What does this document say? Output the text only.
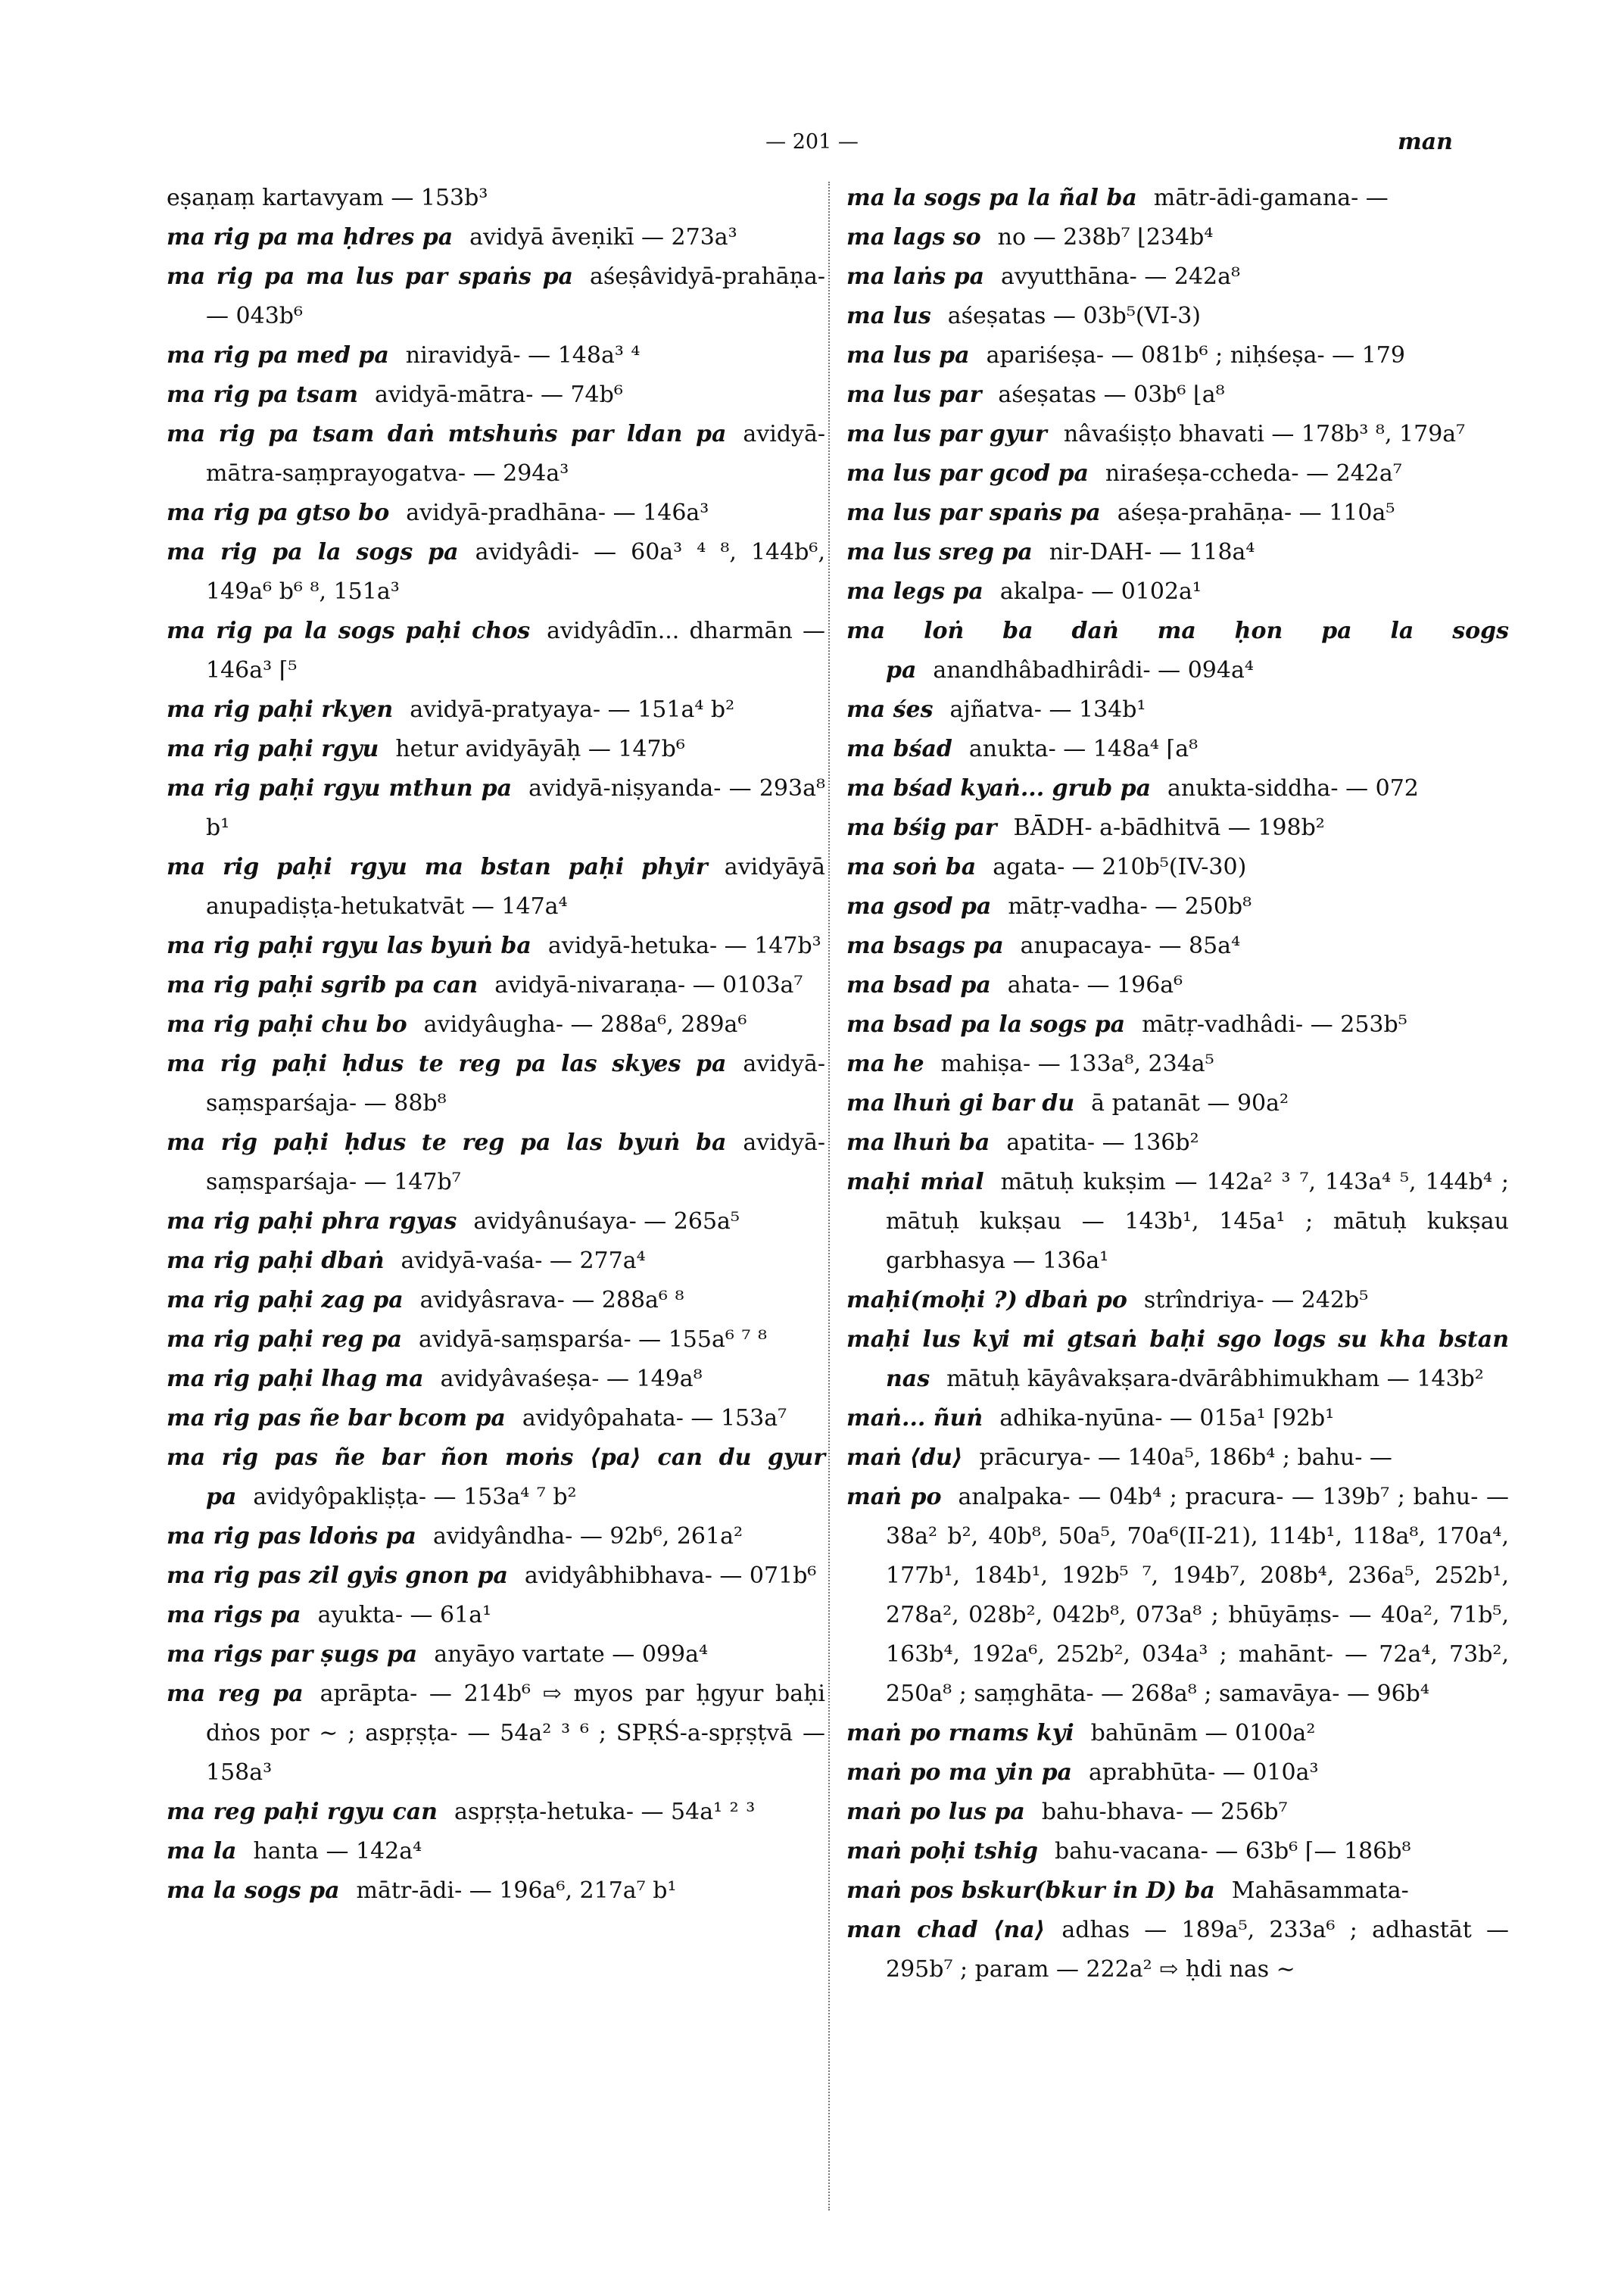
— 201 —	man
eṣaṇaṃ kartavyam — 153b³
ma rig pa ma ḥdres pa avidyā āveṇikī — 273a³
ma rig pa ma lus par spaṅs pa aśeṣâvidyā-prahāṇa- — 043b⁶
ma rig pa med pa niravidyā- — 148a³ ⁴
ma rig pa tsam avidyā-mātra- — 74b⁶
ma rig pa tsam daṅ mtshuṅs par ldan pa avidyā-mātra-saṃprayogatva- — 294a³
ma rig pa gtso bo avidyā-pradhāna- — 146a³
ma rig pa la sogs pa avidyâdi- — 60a³ ⁴ ⁸, 144b⁶, 149a⁶ b⁶ ⁸, 151a³
ma rig pa la sogs paḥi chos avidyâdīn... dharmān — 146a³ ⌈⁵
ma rig paḥi rkyen avidyā-pratyaya- — 151a⁴ b²
ma rig paḥi rgyu hetur avidyāyāḥ — 147b⁶
ma rig paḥi rgyu mthun pa avidyā-niṣyanda- — 293a⁸ b¹
ma rig paḥi rgyu ma bstan paḥi phyir avidyāyā anupadiṣṭa-hetukatvāt — 147a⁴
ma rig paḥi rgyu las byuṅ ba avidyā-hetuka- — 147b³
ma rig paḥi sgrib pa can avidyā-nivaraṇa- — 0103a⁷
ma rig paḥi chu bo avidyâugha- — 288a⁶, 289a⁶
ma rig paḥi ḥdus te reg pa las skyes pa avidyā-saṃsparśaja- — 88b⁸
ma rig paḥi ḥdus te reg pa las byuṅ ba avidyā-saṃsparśaja- — 147b⁷
ma rig paḥi phra rgyas avidyânuśaya- — 265a⁵
ma rig paḥi dbaṅ avidyā-vaśa- — 277a⁴
ma rig paḥi zag pa avidyâsrava- — 288a⁶ ⁸
ma rig paḥi reg pa avidyā-saṃsparśa- — 155a⁶ ⁷ ⁸
ma rig paḥi lhag ma avidyâvaśeṣa- — 149a⁸
ma rig pas ñe bar bcom pa avidyôpahata- — 153a⁷
ma rig pas ñe bar ñon moṅs ⟨pa⟩ can du gyur pa avidyôpakliṣṭa- — 153a⁴ ⁷ b²
ma rig pas ldoṅs pa avidyândha- — 92b⁶, 261a²
ma rig pas zil gyis gnon pa avidyâbhibhava- — 071b⁶
ma rigs pa ayukta- — 61a¹
ma rigs par ṣugs pa anyāyo vartate — 099a⁴
ma reg pa aprāpta- — 214b⁶ ⇨ myos par ḥgyur baḥi dṅos por ∼ ; aspṛṣṭa- — 54a² ³ ⁶ ; SPṚŚ-a-spṛṣṭvā — 158a³
ma reg paḥi rgyu can aspṛṣṭa-hetuka- — 54a¹ ² ³
ma la hanta — 142a⁴
ma la sogs pa mātr-ādi- — 196a⁶, 217a⁷ b¹
ma la sogs pa la ñal ba mātr-ādi-gamana- —
ma lags so no — 238b⁷ ⌊234b⁴
ma laṅs pa avyutthāna- — 242a⁸
ma lus aśeṣatas — 03b⁵(VI-3)
ma lus pa apariśeṣa- — 081b⁶ ; niḥśeṣa- — 179
ma lus par aśeṣatas — 03b⁶ ⌊a⁸
ma lus par gyur nâvaśiṣṭo bhavati — 178b³ ⁸, 179a⁷
ma lus par gcod pa niraśeṣa-ccheda- — 242a⁷
ma lus par spaṅs pa aśeṣa-prahāṇa- — 110a⁵
ma lus sreg pa nir-DAH- — 118a⁴
ma legs pa akalpa- — 0102a¹
ma loṅ ba daṅ ma ḥon pa la sogs pa anandhâbadhirâdi- — 094a⁴
ma śes ajñatva- — 134b¹
ma bśad anukta- — 148a⁴ ⌈a⁸
ma bśad kyaṅ... grub pa anukta-siddha- — 072
ma bśig par BĀDH- a-bādhitvā — 198b²
ma soṅ ba agata- — 210b⁵(IV-30)
ma gsod pa mātṛ-vadha- — 250b⁸
ma bsags pa anupacaya- — 85a⁴
ma bsad pa ahata- — 196a⁶
ma bsad pa la sogs pa mātṛ-vadhâdi- — 253b⁵
ma he mahiṣa- — 133a⁸, 234a⁵
ma lhuṅ gi bar du ā patanāt — 90a²
ma lhuṅ ba apatita- — 136b²
maḥi mṅal mātuḥ kukṣim — 142a² ³ ⁷, 143a⁴ ⁵, 144b⁴ ; mātuḥ kukṣau — 143b¹, 145a¹ ; mātuḥ kukṣau garbhasya — 136a¹
maḥi(moḥi ?) dbaṅ po strîndriya- — 242b⁵
maḥi lus kyi mi gtsaṅ baḥi sgo logs su kha bstan nas mātuḥ kāyâvakṣara-dvārâbhimukham — 143b²
maṅ... ñuṅ adhika-nyūna- — 015a¹ ⌈92b¹
maṅ ⟨du⟩ prācurya- — 140a⁵, 186b⁴ ; bahu- —
maṅ po analpaka- — 04b⁴ ; pracura- — 139b⁷ ; bahu- — 38a² b², 40b⁸, 50a⁵, 70a⁶(II-21), 114b¹, 118a⁸, 170a⁴, 177b¹, 184b¹, 192b⁵ ⁷, 194b⁷, 208b⁴, 236a⁵, 252b¹, 278a², 028b², 042b⁸, 073a⁸ ; bhūyāṃs- — 40a², 71b⁵, 163b⁴, 192a⁶, 252b², 034a³ ; mahānt- — 72a⁴, 73b², 250a⁸ ; saṃghāta- — 268a⁸ ; samavāya- — 96b⁴
maṅ po rnams kyi bahūnām — 0100a²
maṅ po ma yin pa aprabhūta- — 010a³
maṅ po lus pa bahu-bhava- — 256b⁷
maṅ poḥi tshig bahu-vacana- — 63b⁶ ⌈— 186b⁸
maṅ pos bskur(bkur in D) ba Mahāsammata-
man chad ⟨na⟩ adhas — 189a⁵, 233a⁶ ; adhastāt — 295b⁷ ; param — 222a² ⇨ ḥdi nas ∼
